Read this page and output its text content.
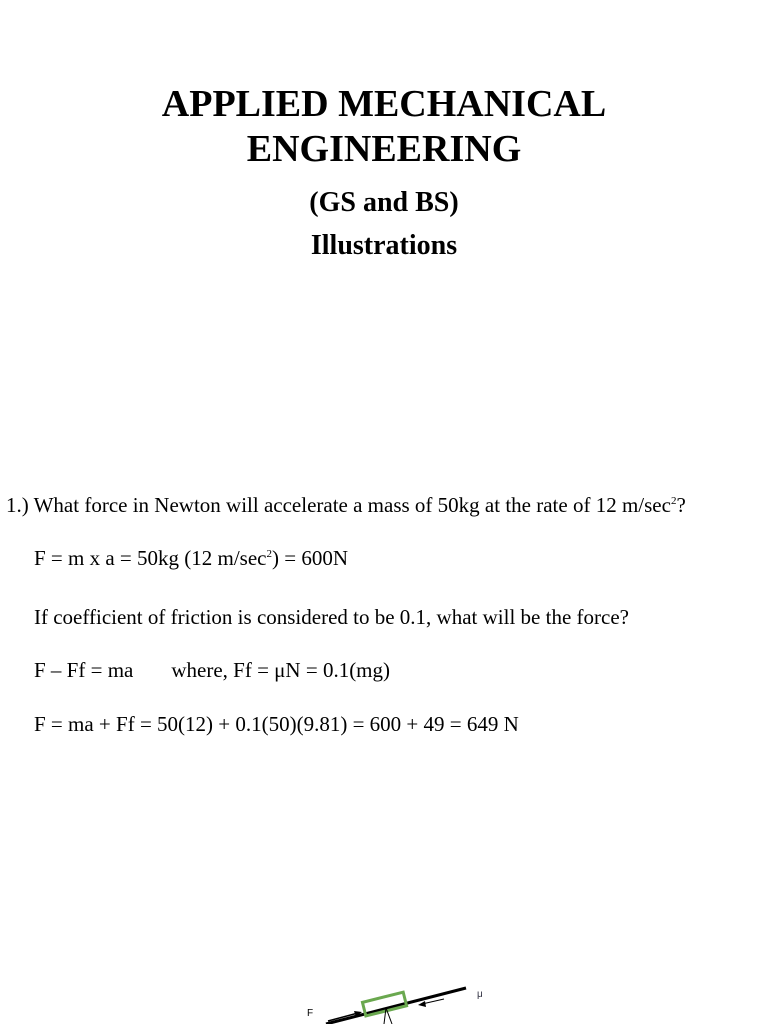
APPLIED MECHANICAL
ENGINEERING
(GS and BS)
Illustrations

1.) What force in Newton will accelerate a mass of 50kg at the rate of 12 $m/\sec^2$?

F = m x a = 50kg (12 $m/\sec^2) = 600N$

If coefficient of friction is considered to be 0.1, what will be the force?

F – Ff = ma where, Ff = μN = 0.1(mg)

F = ma + Ff = 50(12) + 0.1(50)(9.81) = 600 + 49 = 649 N

F
μ
